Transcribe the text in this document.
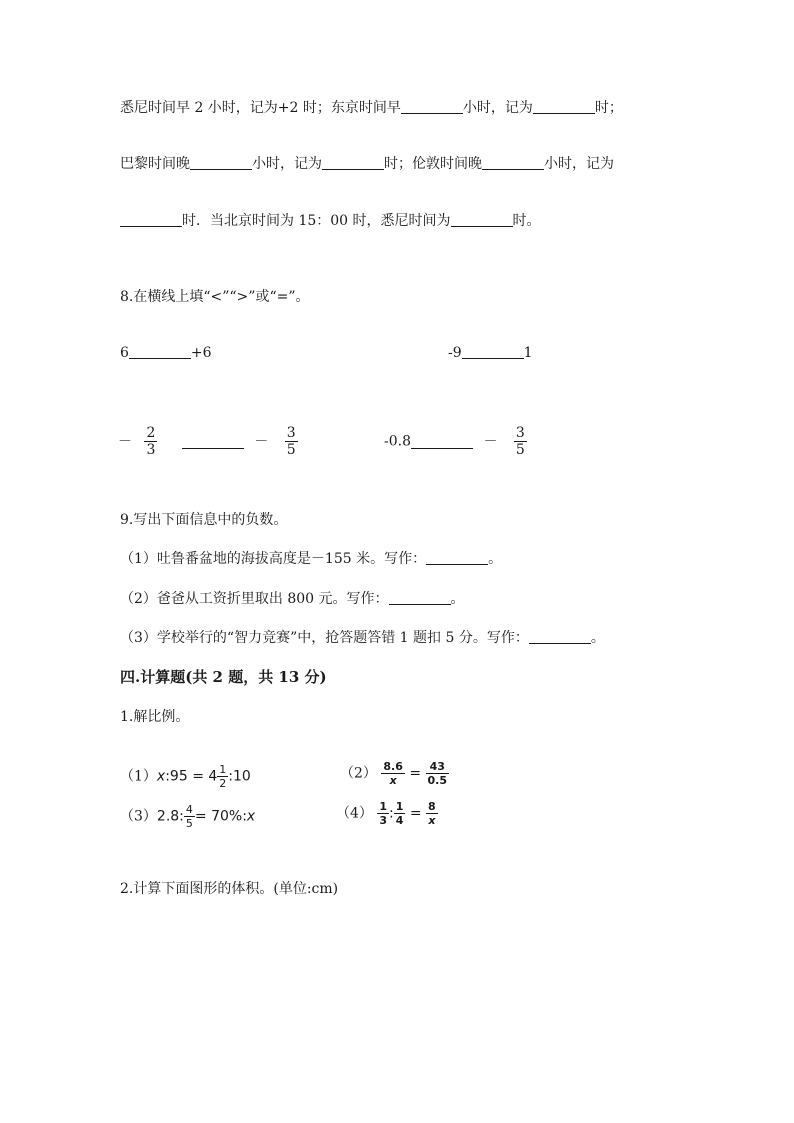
悉尼时间早 2 小时，记为+2 时；东京时间早	小时，记为	时；
巴黎时间晚	小时，记为	时；伦敦时间晚	小时，记为
时．当北京时间为 15：00 时，悉尼时间为	时。
8.在横线上填“<”“>”或“=”。
6	+6	-9	1
－ $\frac{2}{3}$	－ $\frac{3}{5}$	-0.8	－ $\frac{3}{5}$
9.写出下面信息中的负数。
（1）吐鲁番盆地的海拔高度是－155 米。写作：	。
（2）爸爸从工资折里取出 800 元。写作：	。
（3）学校举行的“智力竞赛”中，抢答题答错 1 题扣 5 分。写作：	。
四.计算题(共 2 题，共 13 分)
1.解比例。
（1）x:95 = $4 \frac{1}{2}$ :10	$(2) \frac{8.6}{x} = \frac{43}{0.5}$
（3）2.8: $\frac{4}{5}$ = 70%:x	$(4) \frac{1}{3}$ : $\frac{1}{4} = \frac{8}{x}$
2.计算下面图形的体积。(单位:cm)
